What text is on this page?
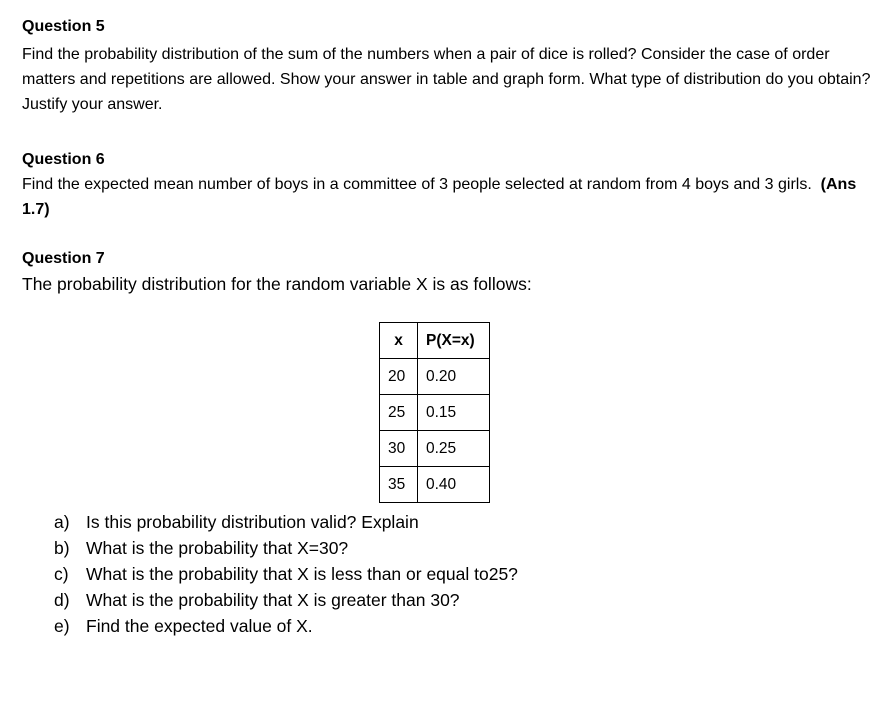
Question 5
Find the probability distribution of the sum of the numbers when a pair of dice is rolled? Consider the case of order matters and repetitions are allowed. Show your answer in table and graph form. What type of distribution do you obtain? Justify your answer.
Question 6
Find the expected mean number of boys in a committee of 3 people selected at random from 4 boys and 3 girls. (Ans 1.7)
Question 7
The probability distribution for the random variable X is as follows:
x	P(X=x)
20	0.20
25	0.15
30	0.25
35	0.40
a) Is this probability distribution valid? Explain
b) What is the probability that X=30?
c) What is the probability that X is less than or equal to25?
d) What is the probability that X is greater than 30?
e) Find the expected value of X.
